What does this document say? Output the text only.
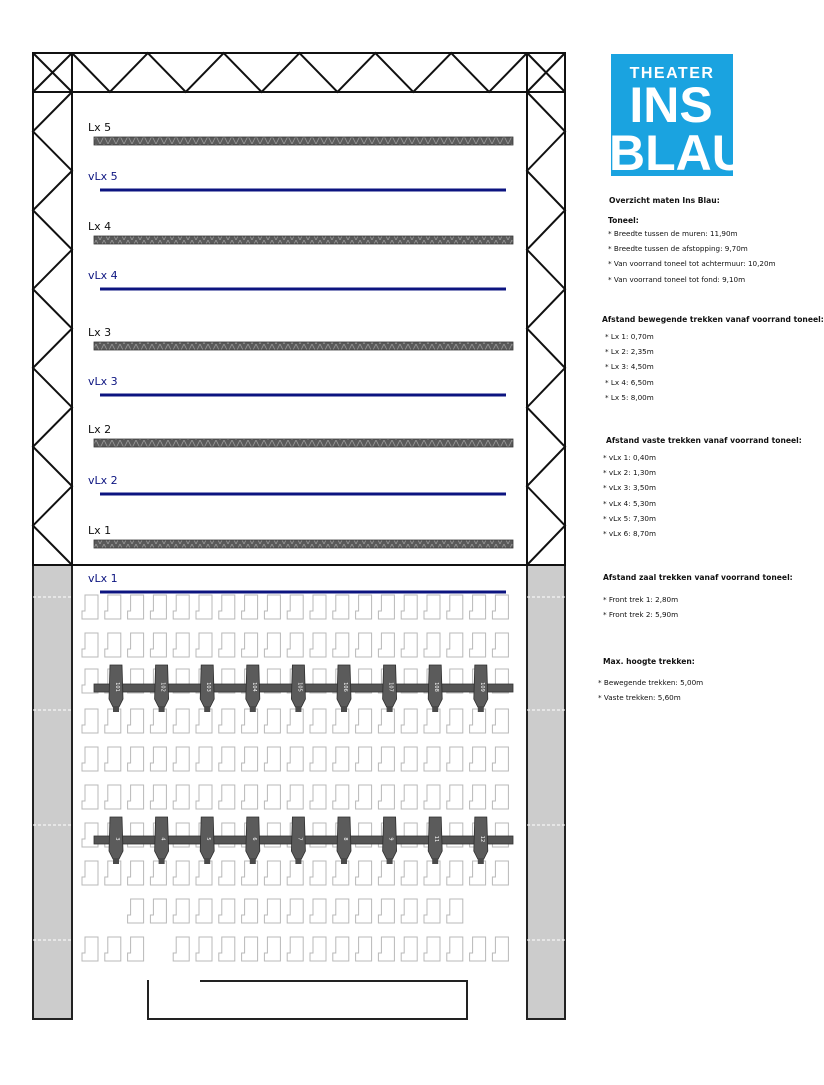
Lx 5
vLx 5
Lx 4
vLx 4
Lx 3
vLx 3
Lx 2
vLx 2
Lx 1
vLx 1
101	102	103	104	105	106	107	108	109
3	4	5	6	7	8	9	11	12
THEATER
INS
BLAU
Overzicht maten Ins Blau:
Toneel:
* Breedte tussen de muren: 11,90m
* Breedte tussen de afstopping: 9,70m
* Van voorrand toneel tot achtermuur: 10,20m
* Van voorrand toneel tot fond: 9,10m
Afstand bewegende trekken vanaf voorrand toneel:
* Lx 1: 0,70m
* Lx 2: 2,35m
* Lx 3: 4,50m
* Lx 4: 6,50m
* Lx 5: 8,00m
Afstand vaste trekken vanaf voorrand toneel:
* vLx 1: 0,40m
* vLx 2: 1,30m
* vLx 3: 3,50m
* vLx 4: 5,30m
* vLx 5: 7,30m
* vLx 6: 8,70m
Afstand zaal trekken vanaf voorrand toneel:
* Front trek 1: 2,80m
* Front trek 2: 5,90m
Max. hoogte trekken:
* Bewegende trekken: 5,00m
* Vaste trekken: 5,60m
